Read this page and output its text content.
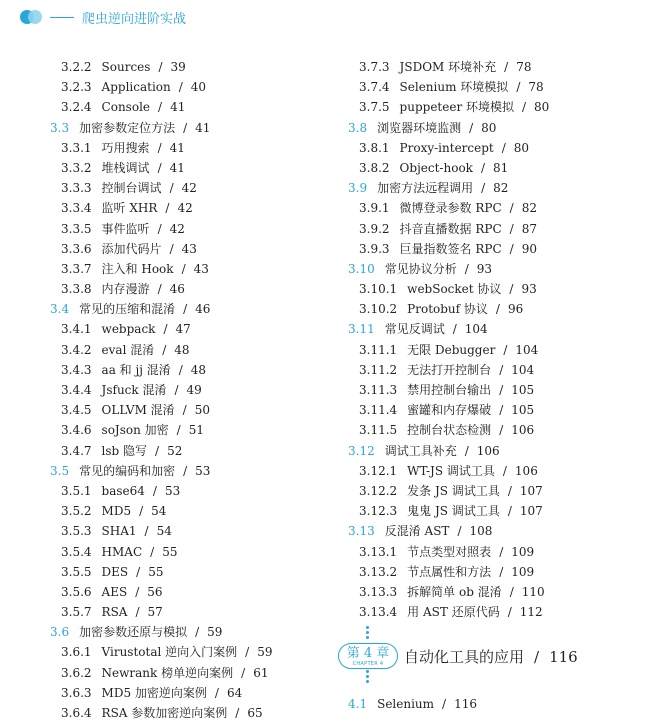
爬虫逆向进阶实战
3.2.2 Sources / 39
3.2.3 Application / 40
3.2.4 Console / 41
3.3 加密参数定位方法 / 41
3.3.1 巧用搜索 / 41
3.3.2 堆栈调试 / 41
3.3.3 控制台调试 / 42
3.3.4 监听 XHR / 42
3.3.5 事件监听 / 42
3.3.6 添加代码片 / 43
3.3.7 注入和 Hook / 43
3.3.8 内存漫游 / 46
3.4 常见的压缩和混淆 / 46
3.4.1 webpack / 47
3.4.2 eval 混淆 / 48
3.4.3 aa 和 jj 混淆 / 48
3.4.4 Jsfuck 混淆 / 49
3.4.5 OLLVM 混淆 / 50
3.4.6 soJson 加密 / 51
3.4.7 lsb 隐写 / 52
3.5 常见的编码和加密 / 53
3.5.1 base64 / 53
3.5.2 MD5 / 54
3.5.3 SHA1 / 54
3.5.4 HMAC / 55
3.5.5 DES / 55
3.5.6 AES / 56
3.5.7 RSA / 57
3.6 加密参数还原与模拟 / 59
3.6.1 Virustotal 逆向入门案例 / 59
3.6.2 Newrank 榜单逆向案例 / 61
3.6.3 MD5 加密逆向案例 / 64
3.6.4 RSA 参数加密逆向案例 / 65
3.7.3 JSDOM 环境补充 / 78
3.7.4 Selenium 环境模拟 / 78
3.7.5 puppeteer 环境模拟 / 80
3.8 浏览器环境监测 / 80
3.8.1 Proxy-intercept / 80
3.8.2 Object-hook / 81
3.9 加密方法远程调用 / 82
3.9.1 微博登录参数 RPC / 82
3.9.2 抖音直播数据 RPC / 87
3.9.3 巨量指数签名 RPC / 90
3.10 常见协议分析 / 93
3.10.1 webSocket 协议 / 93
3.10.2 Protobuf 协议 / 96
3.11 常见反调试 / 104
3.11.1 无限 Debugger / 104
3.11.2 无法打开控制台 / 104
3.11.3 禁用控制台输出 / 105
3.11.4 蜜罐和内存爆破 / 105
3.11.5 控制台状态检测 / 106
3.12 调试工具补充 / 106
3.12.1 WT-JS 调试工具 / 106
3.12.2 发条 JS 调试工具 / 107
3.12.3 鬼鬼 JS 调试工具 / 107
3.13 反混淆 AST / 108
3.13.1 节点类型对照表 / 109
3.13.2 节点属性和方法 / 109
3.13.3 拆解简单 ob 混淆 / 110
3.13.4 用 AST 还原代码 / 112
第 4 章
CHAPTER 4	自动化工具的应用 / 116
4.1 Selenium / 116
